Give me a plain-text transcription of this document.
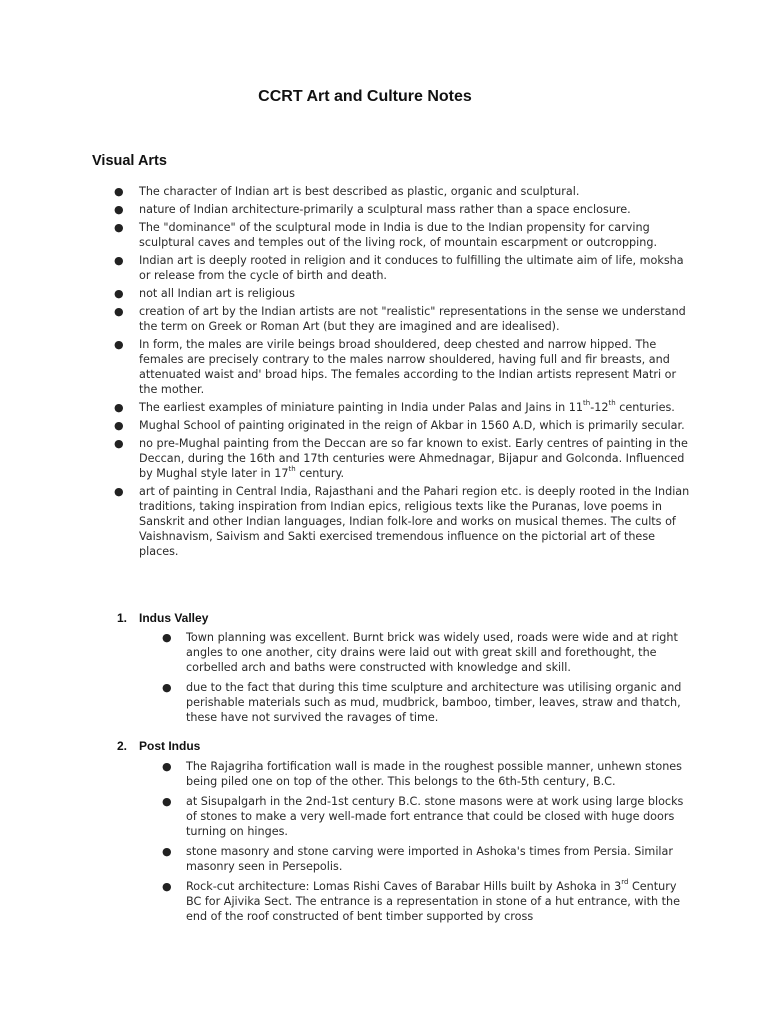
CCRT Art and Culture Notes
Visual Arts
● The character of Indian art is best described as plastic, organic and sculptural.
● nature of Indian architecture-primarily a sculptural mass rather than a space enclosure.
● The "dominance" of the sculptural mode in India is due to the Indian propensity for carving sculptural caves and temples out of the living rock, of mountain escarpment or outcropping.
● Indian art is deeply rooted in religion and it conduces to fulfilling the ultimate aim of life, moksha or release from the cycle of birth and death.
● not all Indian art is religious
● creation of art by the Indian artists are not "realistic" representations in the sense we understand the term on Greek or Roman Art (but they are imagined and are idealised).
● In form, the males are virile beings broad shouldered, deep chested and narrow hipped. The females are precisely contrary to the males narrow shouldered, having full and fir breasts, and attenuated waist and' broad hips. The females according to the Indian artists represent Matri or the mother.
● The earliest examples of miniature painting in India under Palas and Jains in 11th-12th centuries.
● Mughal School of painting originated in the reign of Akbar in 1560 A.D, which is primarily secular.
● no pre-Mughal painting from the Deccan are so far known to exist. Early centres of painting in the Deccan, during the 16th and 17th centuries were Ahmednagar, Bijapur and Golconda. Influenced by Mughal style later in 17th century.
● art of painting in Central India, Rajasthani and the Pahari region etc. is deeply rooted in the Indian traditions, taking inspiration from Indian epics, religious texts like the Puranas, love poems in Sanskrit and other Indian languages, Indian folk-lore and works on musical themes. The cults of Vaishnavism, Saivism and Sakti exercised tremendous influence on the pictorial art of these places.
1. Indus Valley
● Town planning was excellent. Burnt brick was widely used, roads were wide and at right angles to one another, city drains were laid out with great skill and forethought, the corbelled arch and baths were constructed with knowledge and skill.
● due to the fact that during this time sculpture and architecture was utilising organic and perishable materials such as mud, mudbrick, bamboo, timber, leaves, straw and thatch, these have not survived the ravages of time.
2. Post Indus
● The Rajagriha fortification wall is made in the roughest possible manner, unhewn stones being piled one on top of the other. This belongs to the 6th-5th century, B.C.
● at Sisupalgarh in the 2nd-1st century B.C. stone masons were at work using large blocks of stones to make a very well-made fort entrance that could be closed with huge doors turning on hinges.
● stone masonry and stone carving were imported in Ashoka's times from Persia. Similar masonry seen in Persepolis.
● Rock-cut architecture: Lomas Rishi Caves of Barabar Hills built by Ashoka in 3rd Century BC for Ajivika Sect. The entrance is a representation in stone of a hut entrance, with the end of the roof constructed of bent timber supported by cross
